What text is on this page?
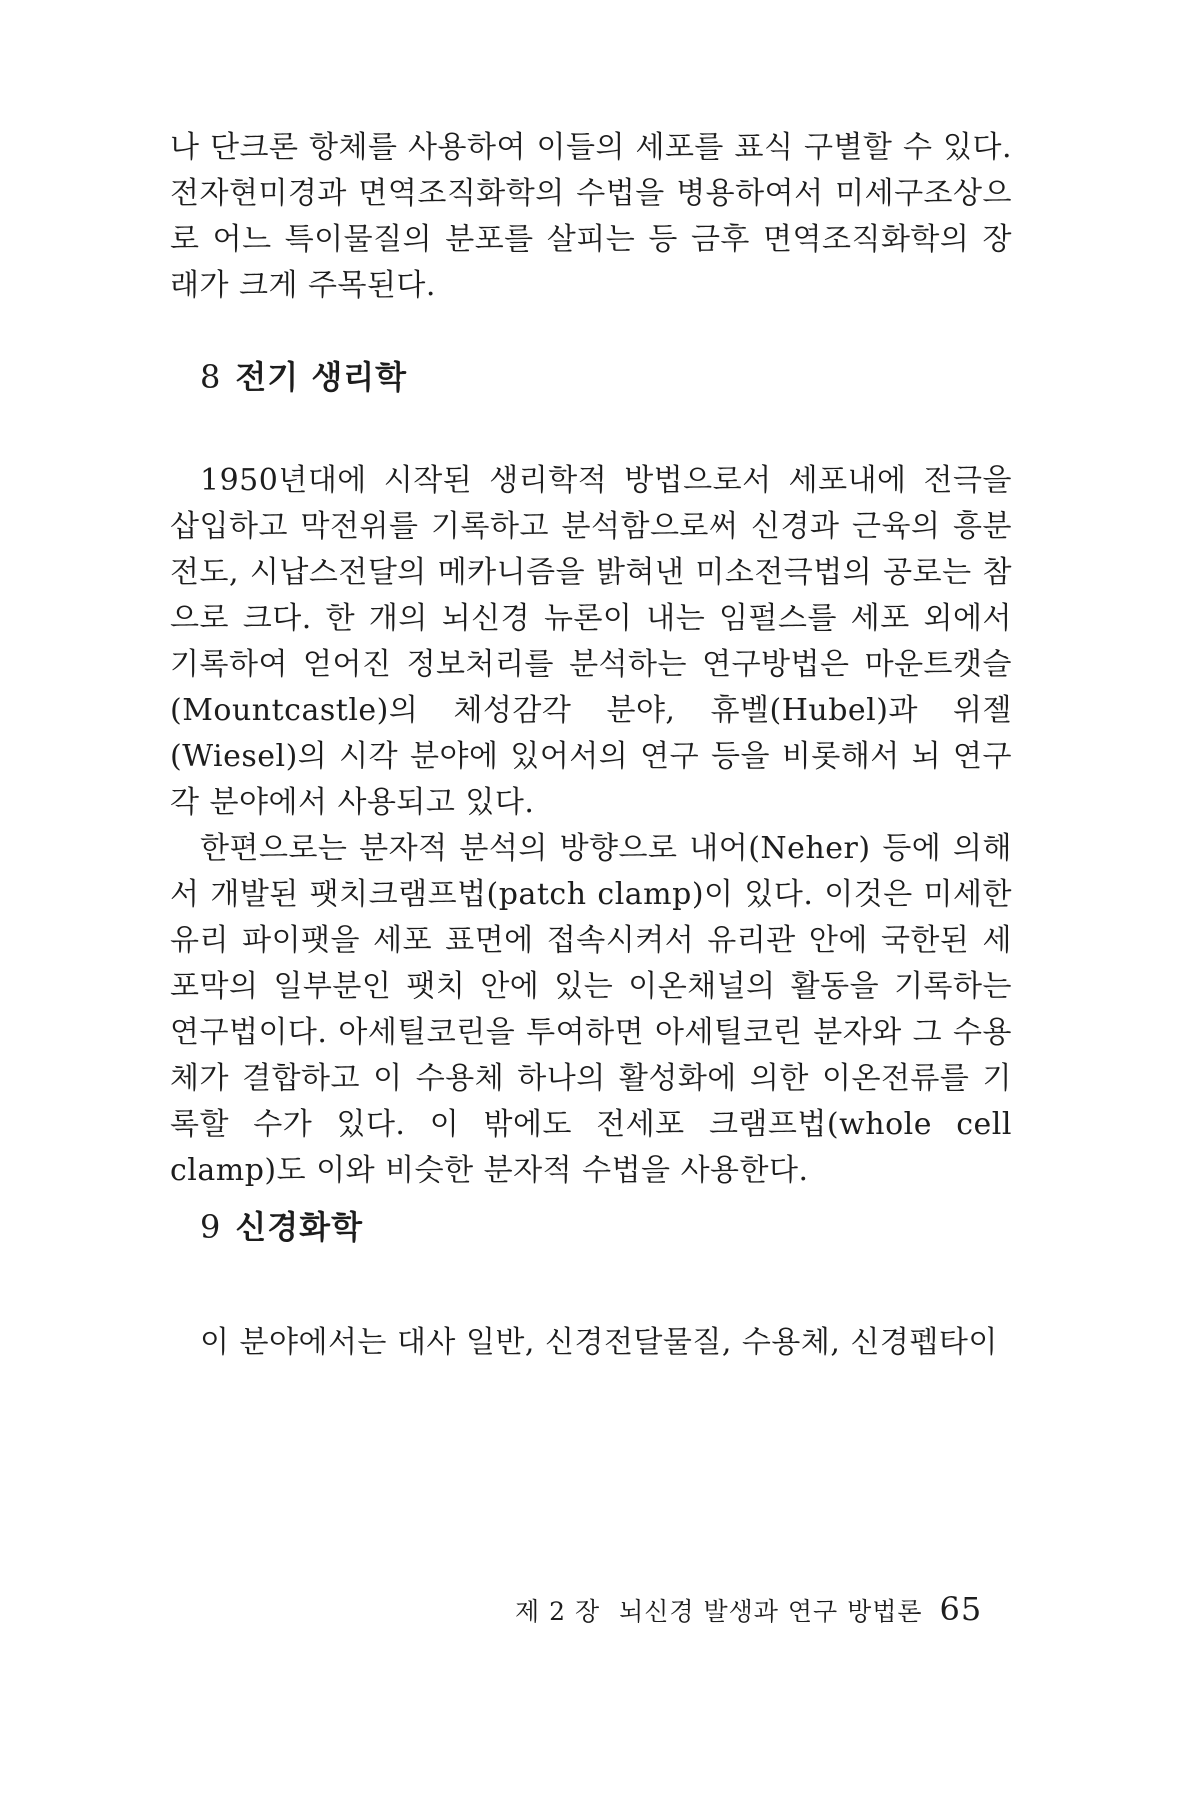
나 단크론 항체를 사용하여 이들의 세포를 표식 구별할 수 있다. 전자현미경과 면역조직화학의 수법을 병용하여서 미세구조상으로 어느 특이물질의 분포를 살피는 등 금후 면역조직화학의 장래가 크게 주목된다.

8 전기 생리학

1950년대에 시작된 생리학적 방법으로서 세포내에 전극을 삽입하고 막전위를 기록하고 분석함으로써 신경과 근육의 흥분전도, 시납스전달의 메카니즘을 밝혀낸 미소전극법의 공로는 참으로 크다. 한 개의 뇌신경 뉴론이 내는 임펄스를 세포 외에서 기록하여 얻어진 정보처리를 분석하는 연구방법은 마운트캣슬(Mountcastle)의 체성감각 분야, 휴벨(Hubel)과 위젤(Wiesel)의 시각 분야에 있어서의 연구 등을 비롯해서 뇌 연구 각 분야에서 사용되고 있다.

한편으로는 분자적 분석의 방향으로 내어(Neher) 등에 의해서 개발된 팻치크램프법(patch clamp)이 있다. 이것은 미세한 유리 파이팻을 세포 표면에 접속시켜서 유리관 안에 국한된 세포막의 일부분인 팻치 안에 있는 이온채널의 활동을 기록하는 연구법이다. 아세틸코린을 투여하면 아세틸코린 분자와 그 수용체가 결합하고 이 수용체 하나의 활성화에 의한 이온전류를 기록할 수가 있다. 이 밖에도 전세포 크램프법(whole cell clamp)도 이와 비슷한 분자적 수법을 사용한다.

9 신경화학

이 분야에서는 대사 일반, 신경전달물질, 수용체, 신경펩타이

제 2 장 뇌신경 발생과 연구 방법론 65
